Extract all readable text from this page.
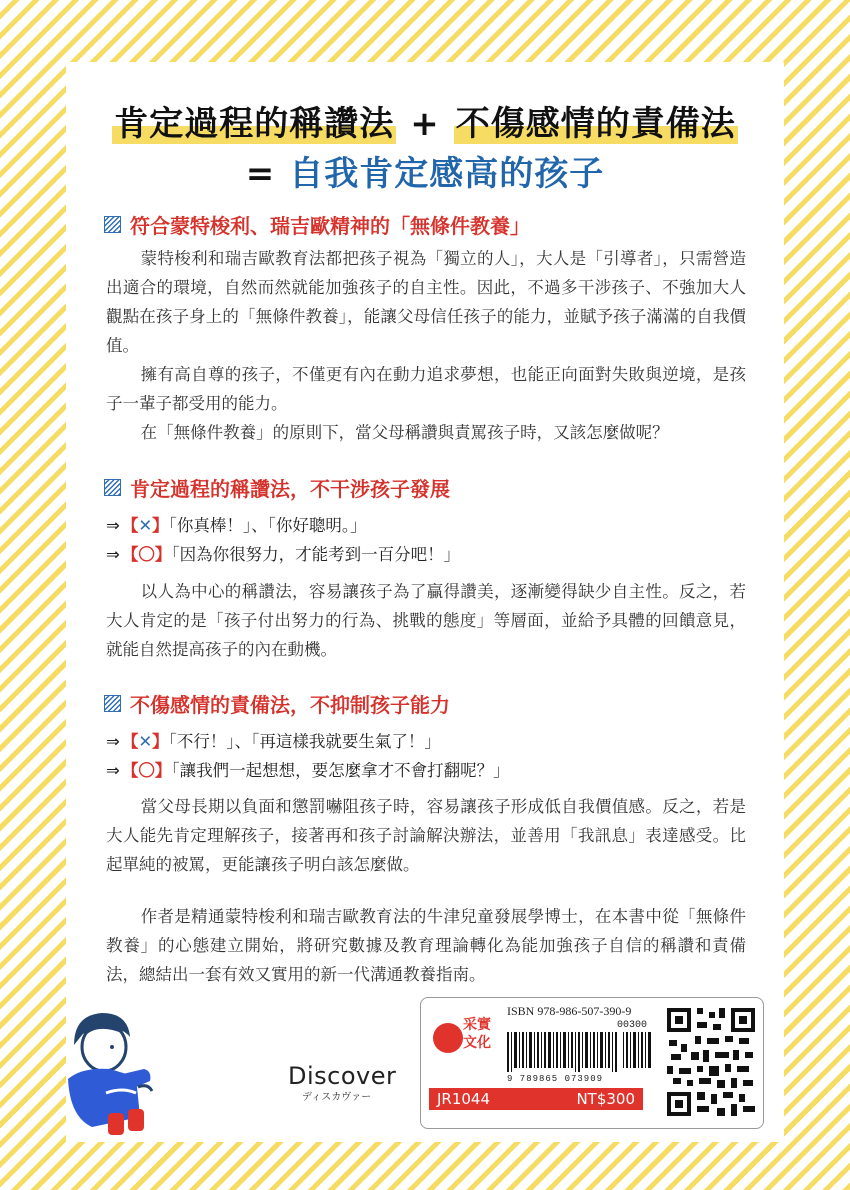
肯定過程的稱讚法 + 不傷感情的責備法
= 自我肯定感高的孩子
符合蒙特梭利、瑞吉歐精神的「無條件教養」

蒙特梭利和瑞吉歐教育法都把孩子視為「獨立的人」，大人是「引導者」，只需營造出適合的環境，自然而然就能加強孩子的自主性。因此，不過多干涉孩子、不強加大人觀點在孩子身上的「無條件教養」，能讓父母信任孩子的能力，並賦予孩子滿滿的自我價值。

擁有高自尊的孩子，不僅更有內在動力追求夢想，也能正向面對失敗與逆境，是孩子一輩子都受用的能力。

在「無條件教養」的原則下，當父母稱讚與責罵孩子時，又該怎麼做呢？

肯定過程的稱讚法，不干涉孩子發展
⇒ 【✕】「你真棒！」、「你好聰明。」
⇒ 【〇】「因為你很努力，才能考到一百分吧！」

以人為中心的稱讚法，容易讓孩子為了贏得讚美，逐漸變得缺少自主性。反之，若大人肯定的是「孩子付出努力的行為、挑戰的態度」等層面，並給予具體的回饋意見，就能自然提高孩子的內在動機。

不傷感情的責備法，不抑制孩子能力
⇒ 【✕】「不行！」、「再這樣我就要生氣了！」
⇒ 【〇】「讓我們一起想想，要怎麼拿才不會打翻呢？」

當父母長期以負面和懲罰嚇阻孩子時，容易讓孩子形成低自我價值感。反之，若是大人能先肯定理解孩子，接著再和孩子討論解決辦法，並善用「我訊息」表達感受。比起單純的被罵，更能讓孩子明白該怎麼做。

作者是精通蒙特梭利和瑞吉歐教育法的牛津兒童發展學博士，在本書中從「無條件教養」的心態建立開始，將研究數據及教育理論轉化為能加強孩子自信的稱讚和責備法，總結出一套有效又實用的新一代溝通教養指南。

Discover
ディスカヴァー
采實
文化
ISBN 978-986-507-390-9
00300
9 789865 073909
JR1044	NT$300
